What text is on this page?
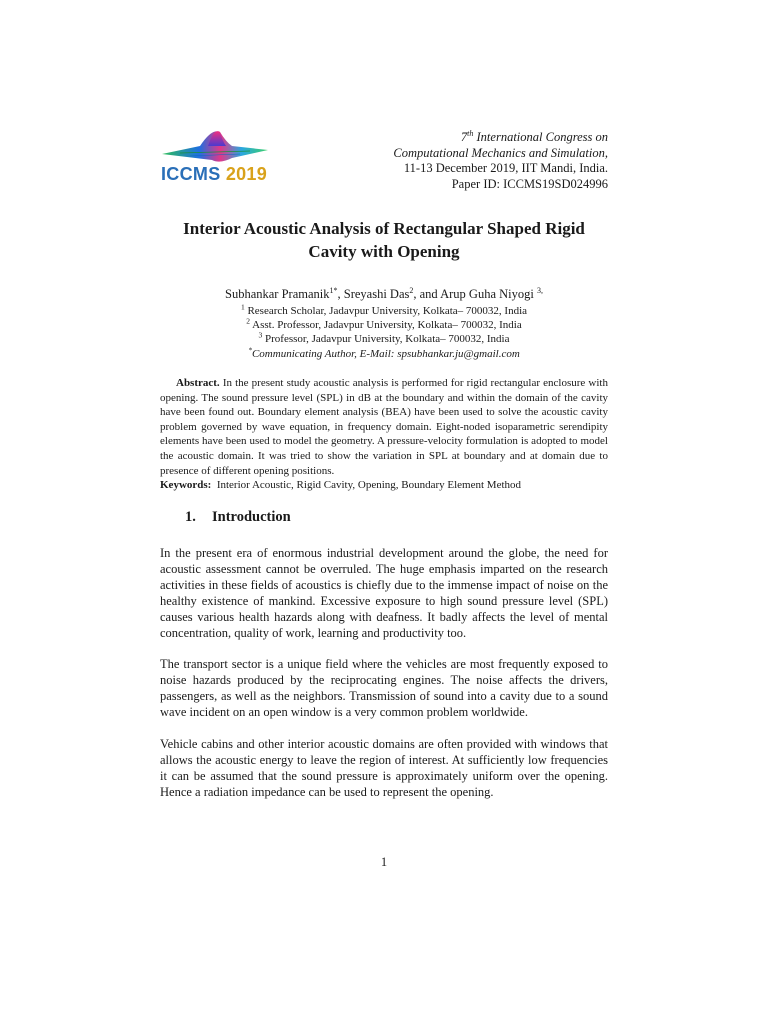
ICCMS 2019
7th International Congress on
Computational Mechanics and Simulation,
11-13 December 2019, IIT Mandi, India.
Paper ID: ICCMS19SD024996
Interior Acoustic Analysis of Rectangular Shaped Rigid
Cavity with Opening
Subhankar Pramanik$^{1*}$, Sreyashi Das$^2$, and Arup Guha Niyogi $^{3,}$
$^1$ Research Scholar, Jadavpur University, Kolkata– 700032, India
$^2$ Asst. Professor, Jadavpur University, Kolkata– 700032, India
$^3$ Professor, Jadavpur University, Kolkata– 700032, India
*Communicating Author, E-Mail: spsubhankar.ju@gmail.com
Abstract. In the present study acoustic analysis is performed for rigid rectangular enclosure with opening. The sound pressure level (SPL) in dB at the boundary and within the domain of the cavity have been found out. Boundary element analysis (BEA) have been used to solve the acoustic cavity problem governed by wave equation, in frequency domain. Eight-noded isoparametric serendipity elements have been used to model the geometry. A pressure-velocity formulation is adopted to model the acoustic domain. It was tried to show the variation in SPL at boundary and at domain due to presence of different opening positions.
Keywords:  Interior Acoustic, Rigid Cavity, Opening, Boundary Element Method
1. Introduction
In the present era of enormous industrial development around the globe, the need for acoustic assessment cannot be overruled. The huge emphasis imparted on the research activities in these fields of acoustics is chiefly due to the immense impact of noise on the healthy existence of mankind. Excessive exposure to high sound pressure level (SPL) causes various health hazards along with deafness. It badly affects the level of mental concentration, quality of work, learning and productivity too.
The transport sector is a unique field where the vehicles are most frequently exposed to noise hazards produced by the reciprocating engines. The noise affects the drivers, passengers, as well as the neighbors. Transmission of sound into a cavity due to a sound wave incident on an open window is a very common problem worldwide.
Vehicle cabins and other interior acoustic domains are often provided with windows that allows the acoustic energy to leave the region of interest. At sufficiently low frequencies it can be assumed that the sound pressure is approximately uniform over the opening. Hence a radiation impedance can be used to represent the opening.
1
